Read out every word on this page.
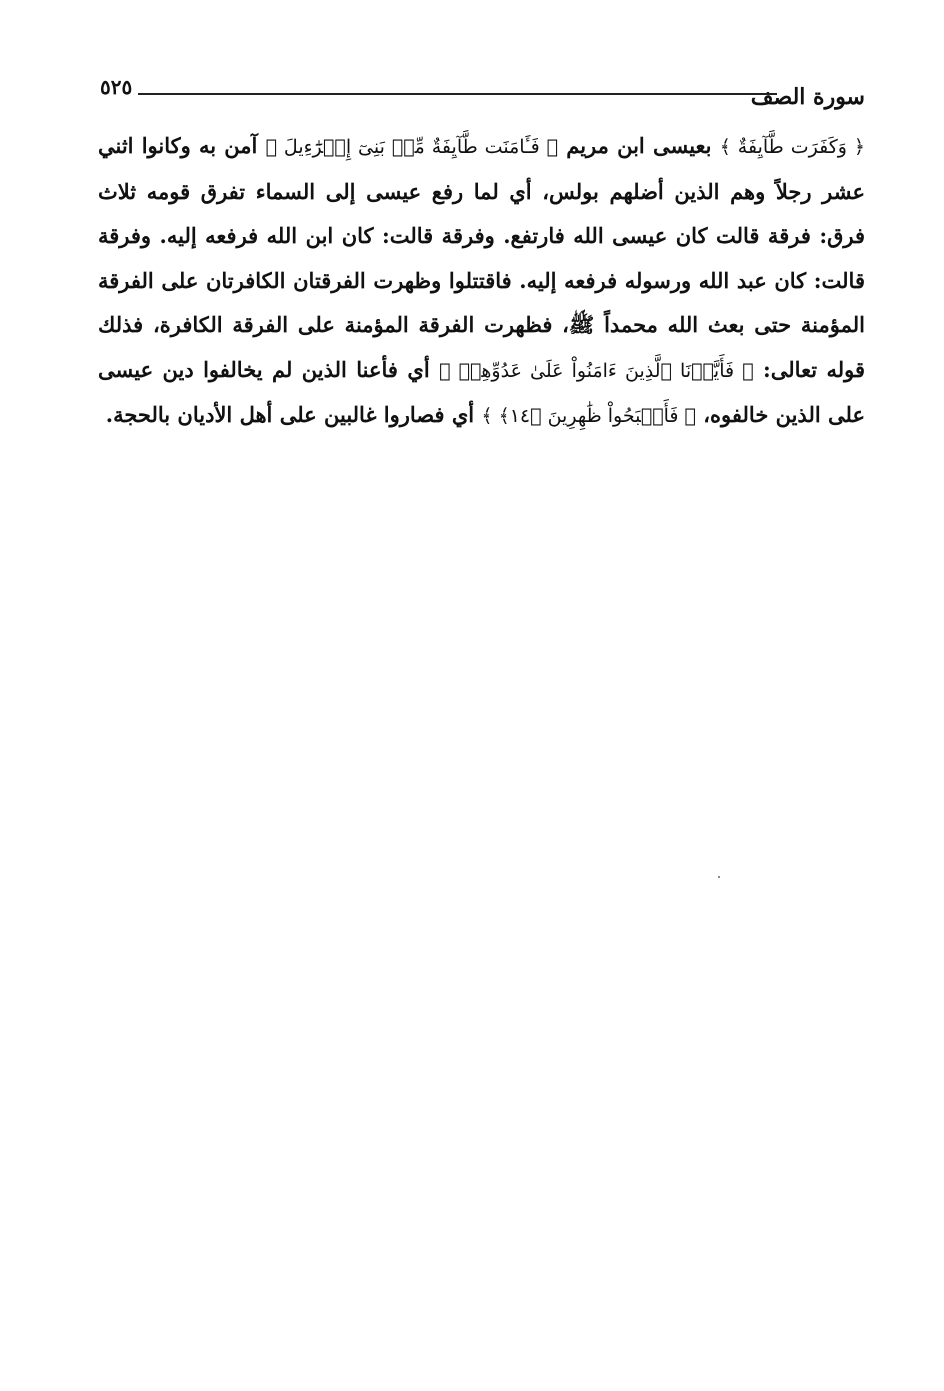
سورة الصف
٥٢٥

﴿ وَكَفَرَت طَّآيِفَةٌ ﴾ بعيسى ابن مريم ﴿ فَـَٔامَنَت طَّآيِفَةٌ مِّنۢ بَنِىٓ إِسۡرَٰٓءِيلَ ﴾ آمن به وكانوا اثني عشر رجلاً وهم الذين أضلهم بولس، أي لما رفع عيسى إلى السماء تفرق قومه ثلاث فرق: فرقة قالت كان عيسى الله فارتفع. وفرقة قالت: كان ابن الله فرفعه إليه. وفرقة قالت: كان عبد الله ورسوله فرفعه إليه. فاقتتلوا وظهرت الفرقتان الكافرتان على الفرقة المؤمنة حتى بعث الله محمداً ﷺ، فظهرت الفرقة المؤمنة على الفرقة الكافرة، فذلك قوله تعالى: ﴿ فَأَيَّدۡنَا ٱلَّذِينَ ءَامَنُواْ عَلَىٰ عَدُوِّهِمۡ ﴾ أي فأعنا الذين لم يخالفوا دين عيسى على الذين خالفوه، ﴿ فَأَصۡبَحُواْ ظَٰهِرِينَ ﴿١٤﴾ ﴾ أي فصاروا غالبين على أهل الأديان بالحجة.
